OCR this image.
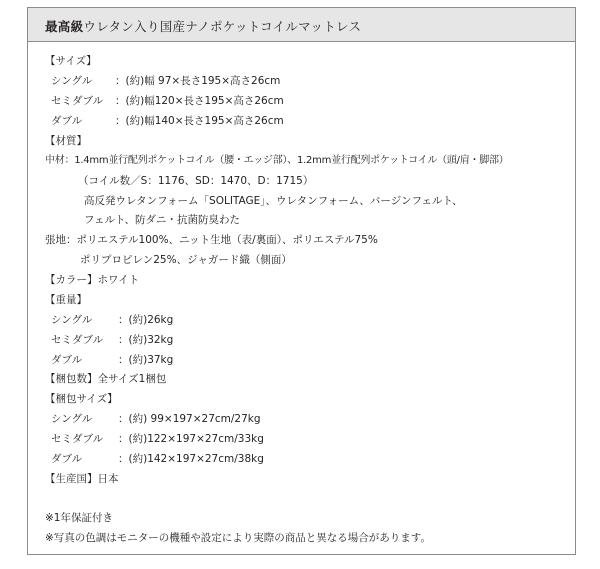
最高級ウレタン入り国産ナノポケットコイルマットレス
【サイズ】
シングル ：(約)幅 97×長さ195×高さ26cm
セミダブル ：(約)幅120×長さ195×高さ26cm
ダブル	：(約)幅140×長さ195×高さ26cm
【材質】
中材：1.4mm並行配列ポケットコイル（腰・エッジ部）、1.2mm並行配列ポケットコイル（頭/肩・脚部）
（コイル数／S：1176、SD：1470、D：1715）
高反発ウレタンフォーム「SOLITAGE」、ウレタンフォーム、バージンフェルト、
フェルト、防ダニ・抗菌防臭わた
張地：ポリエステル100%、ニット生地（表/裏面）、ポリエステル75%
ポリプロピレン25%、ジャガード織（側面）
【カラー】ホワイト
【重量】
シングル ：(約)26kg
セミダブル ：(約)32kg
ダブル	：(約)37kg
【梱包数】全サイズ1梱包
【梱包サイズ】
シングル ：(約) 99×197×27cm/27kg
セミダブル ：(約)122×197×27cm/33kg
ダブル	：(約)142×197×27cm/38kg
【生産国】日本
※1年保証付き
※写真の色調はモニターの機種や設定により実際の商品と異なる場合があります。
